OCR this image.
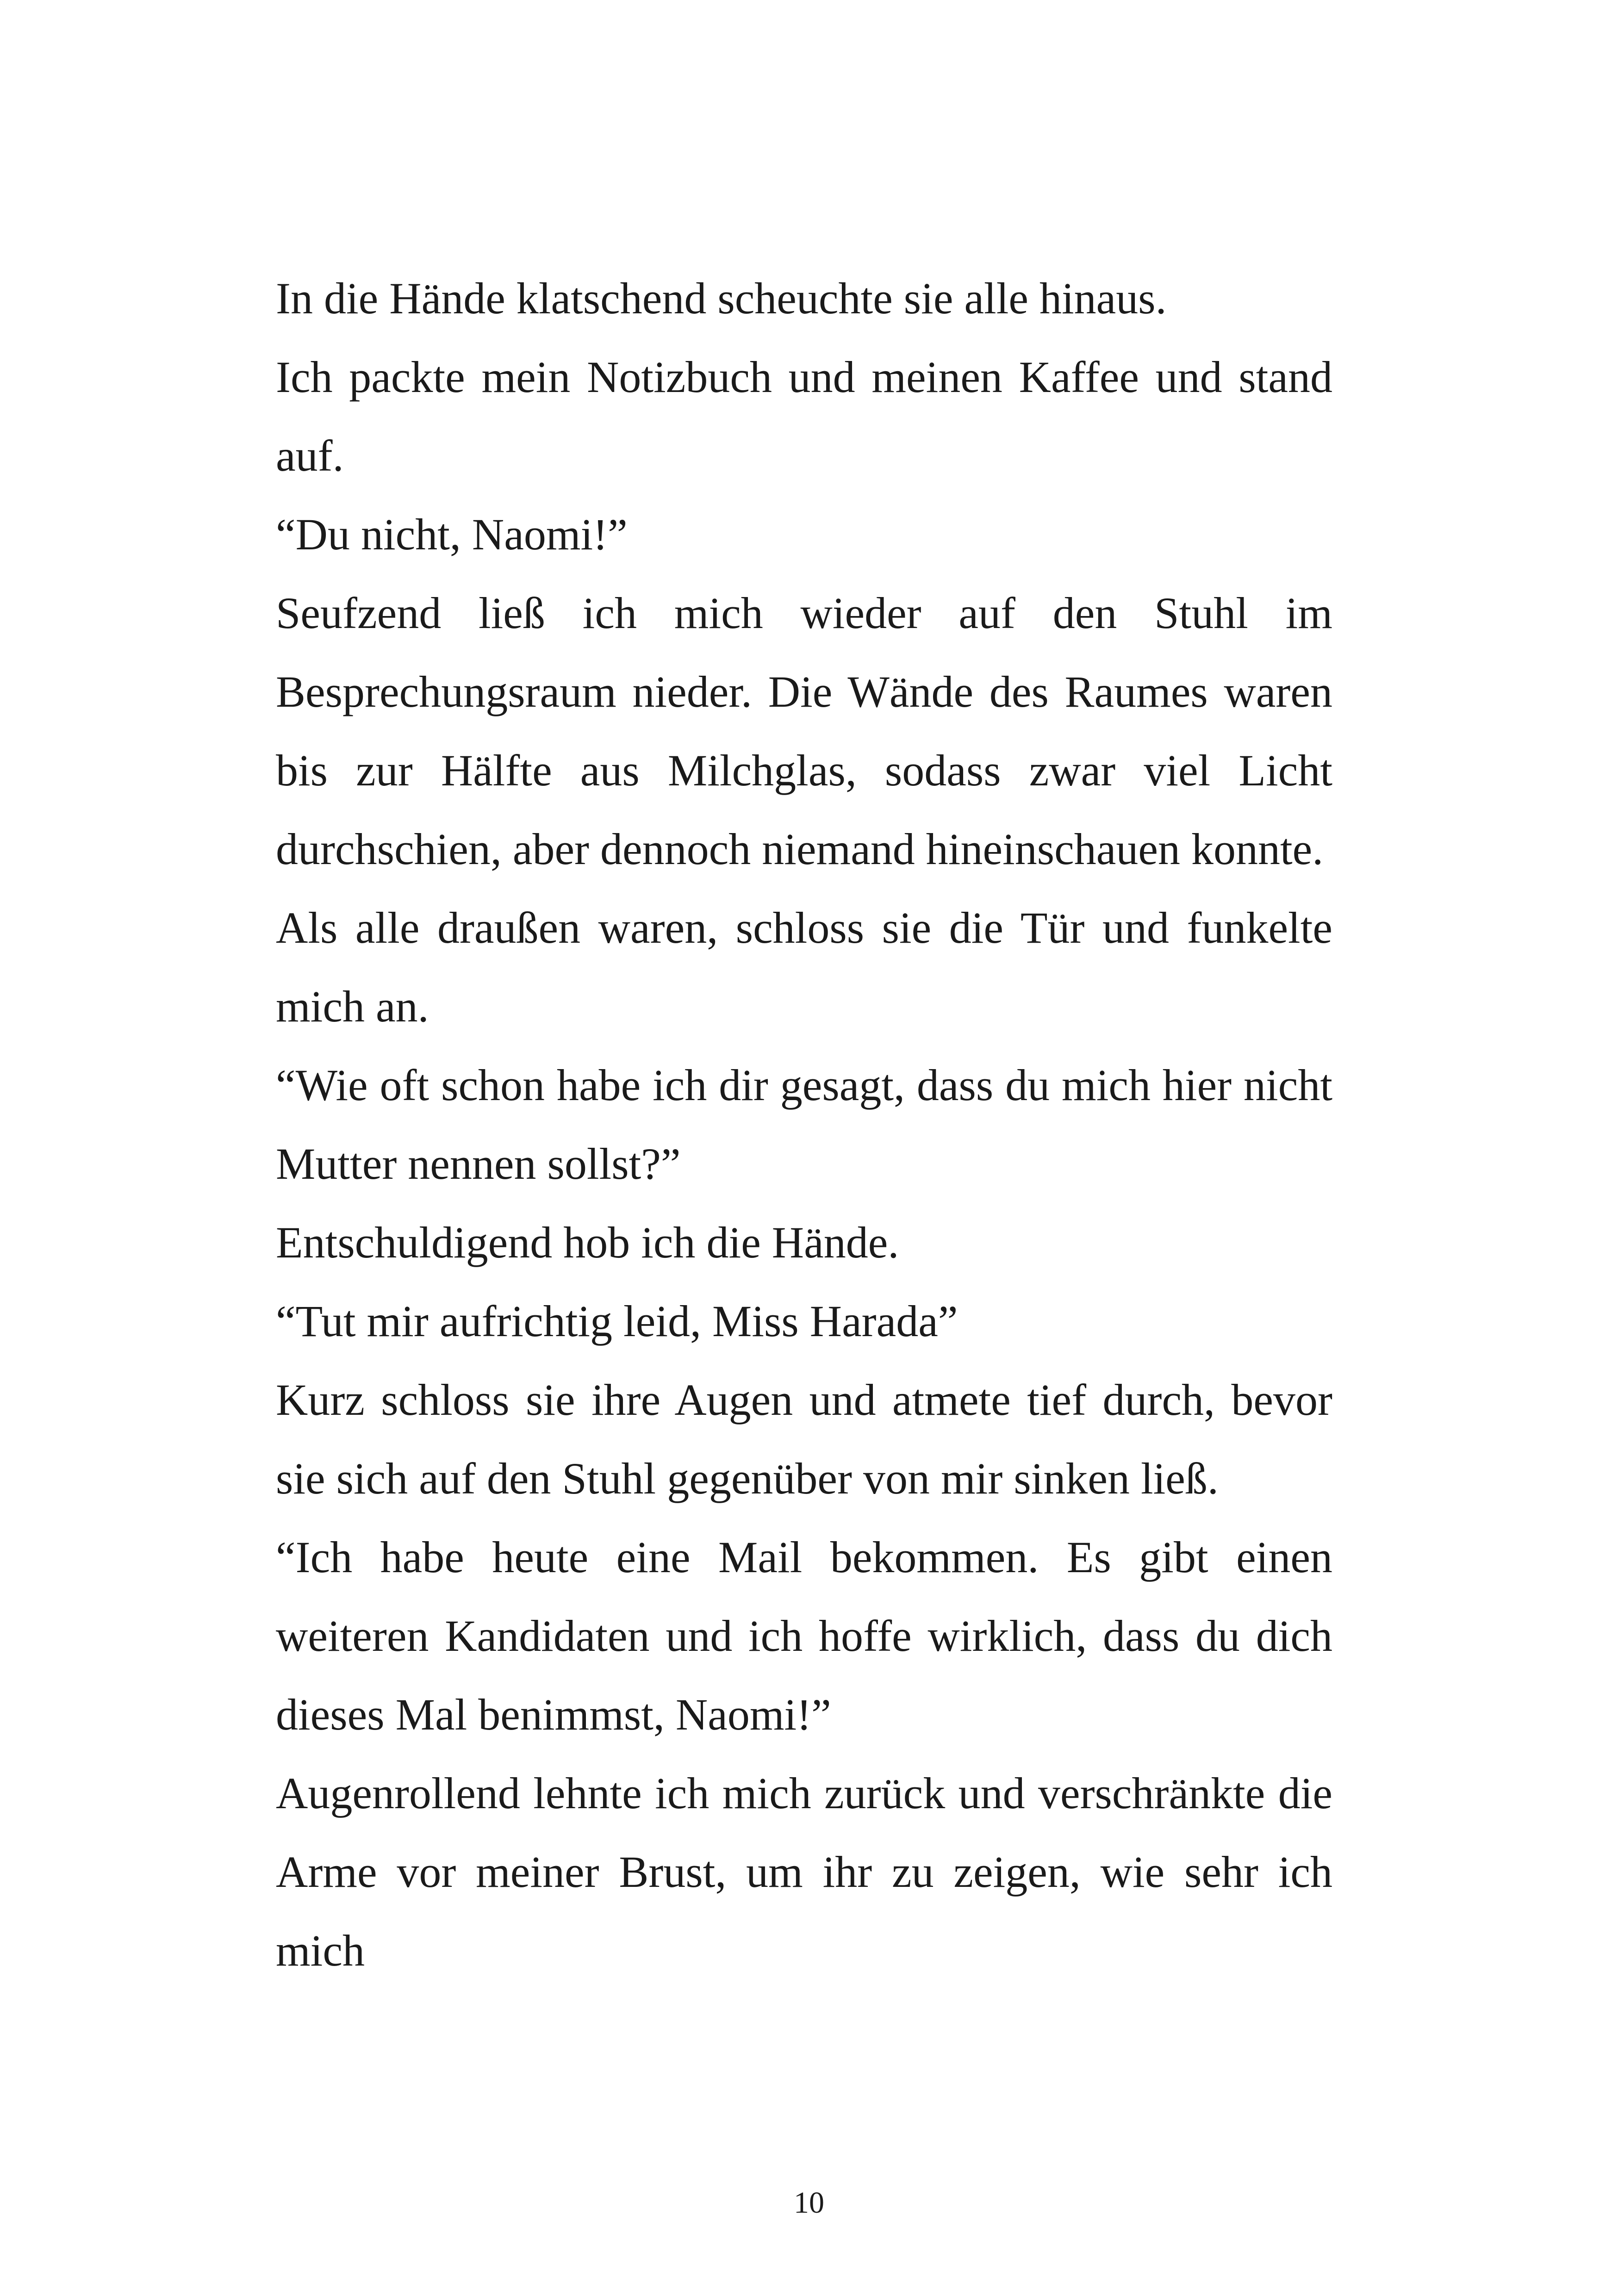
In die Hände klatschend scheuchte sie alle hinaus.

Ich packte mein Notizbuch und meinen Kaffee und stand auf.

“Du nicht, Naomi!”

Seufzend ließ ich mich wieder auf den Stuhl im Besprechungsraum nieder. Die Wände des Raumes waren bis zur Hälfte aus Milchglas, sodass zwar viel Licht durchschien, aber dennoch niemand hineinschauen konnte.

Als alle draußen waren, schloss sie die Tür und funkelte mich an.

“Wie oft schon habe ich dir gesagt, dass du mich hier nicht Mutter nennen sollst?”

Entschuldigend hob ich die Hände.

“Tut mir aufrichtig leid, Miss Harada”

Kurz schloss sie ihre Augen und atmete tief durch, bevor sie sich auf den Stuhl gegenüber von mir sinken ließ.

“Ich habe heute eine Mail bekommen. Es gibt einen weiteren Kandidaten und ich hoffe wirklich, dass du dich dieses Mal benimmst, Naomi!”

Augenrollend lehnte ich mich zurück und verschränkte die Arme vor meiner Brust, um ihr zu zeigen, wie sehr ich mich

10
